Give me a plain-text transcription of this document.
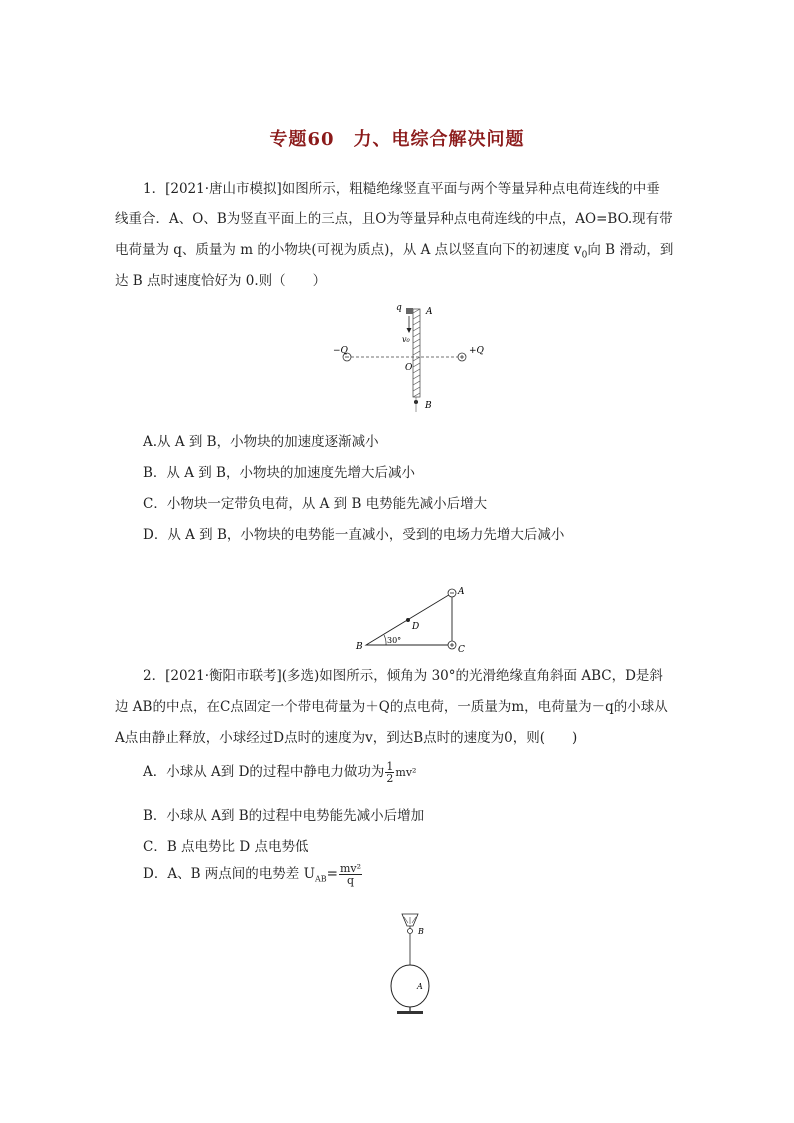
专题60　力、电综合解决问题
1．[2021·唐山市模拟]如图所示，粗糙绝缘竖直平面与两个等量异种点电荷连线的中垂
线重合．A、O、B为竖直平面上的三点，且O为等量异种点电荷连线的中点，AO=BO.现有带
电荷量为 q、质量为 m 的小物块(可视为质点)，从 A 点以竖直向下的初速度 $v_0$向 B 滑动，到
达 B 点时速度恰好为 0.则（　　）
q	A
v₀
−Q	+Q
O
B
A.从 A 到 B，小物块的加速度逐渐减小
B．从 A 到 B，小物块的加速度先增大后减小
C．小物块一定带负电荷，从 A 到 B 电势能先减小后增大
D．从 A 到 B，小物块的电势能一直减小，受到的电场力先增大后减小
A
B	C
D
30°
2．[2021·衡阳市联考](多选)如图所示，倾角为 30°的光滑绝缘直角斜面 ABC，D是斜
边 AB的中点，在C点固定一个带电荷量为＋Q的点电荷，一质量为m，电荷量为－q的小球从
A点由静止释放，小球经过D点时的速度为v，到达B点时的速度为0，则(　　)
A．小球从 A到 D的过程中静电力做功为 $\frac{1}{2} mv^2$
B．小球从 A到 B的过程中电势能先减小后增加
C．B 点电势比 D 点电势低
D．A、B 两点间的电势差 $U_{AB}= \frac{\text{mv²}}{q}$
B
A
